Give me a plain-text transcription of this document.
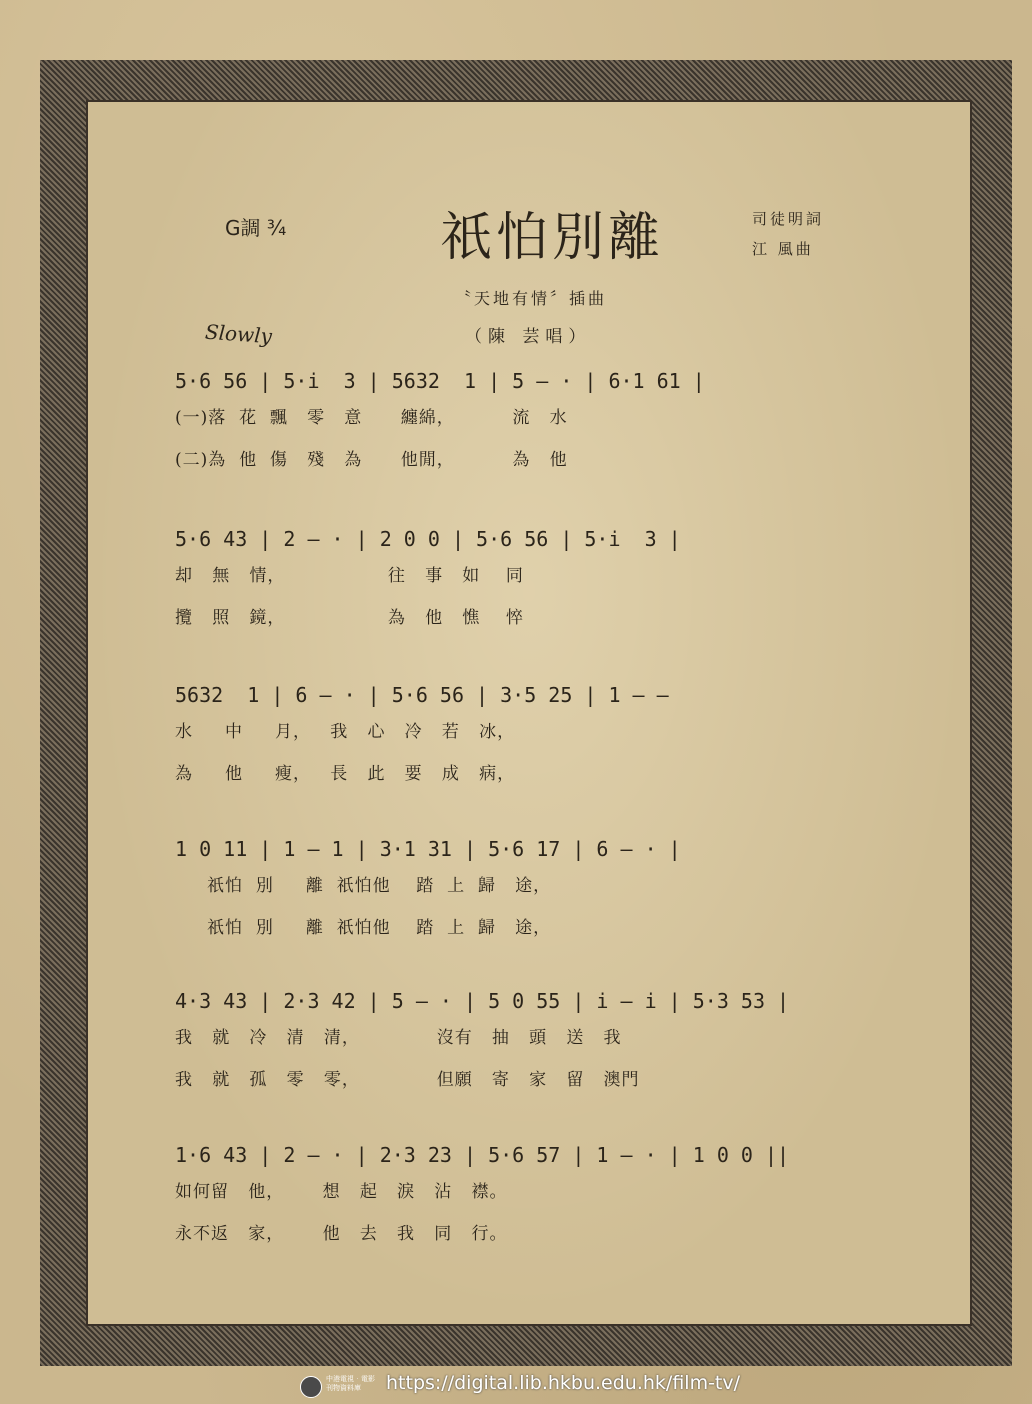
G調 ¾	祇怕別離	司徒明詞
江 風曲
〝天地有情〞插曲
（陳 芸唱）
Slowly
5·6 56 | 5·i  3 | 5632  1 | 5 — · | 6·1 61 |
(一)落  花  飄   零   意      纏綿，         流   水
(二)為  他  傷   殘   為      他閒，         為   他
5·6 43 | 2 — · | 2 0 0 | 5·6 56 | 5·i  3 |
却   無   情，                往   事   如    同
攬   照   鏡，                為   他   憔    悴
5632  1 | 6 — · | 5·6 56 | 3·5 25 | 1 — —
水     中     月，   我   心   冷   若   冰，
為     他     瘦，   長   此   要   成   病，
1 0 11 | 1 — 1 | 3·1 31 | 5·6 17 | 6 — · |
祇怕  別     離  祇怕他    踏  上  歸   途，
祇怕  別     離  祇怕他    踏  上  歸   途，
4·3 43 | 2·3 42 | 5 — · | 5 0 55 | i — i | 5·3 53 |
我   就   冷   清   清，            沒有   抽   頭   送   我
我   就   孤   零   零，            但願   寄   家   留   澳門
1·6 43 | 2 — · | 2·3 23 | 5·6 57 | 1 — · | 1 0 0 ||
如何留   他，      想   起   淚   沾   襟。
永不返   家，      他   去   我   同   行。
中港電視‧電影 刊物資料庫	https://digital.lib.hkbu.edu.hk/film-tv/
